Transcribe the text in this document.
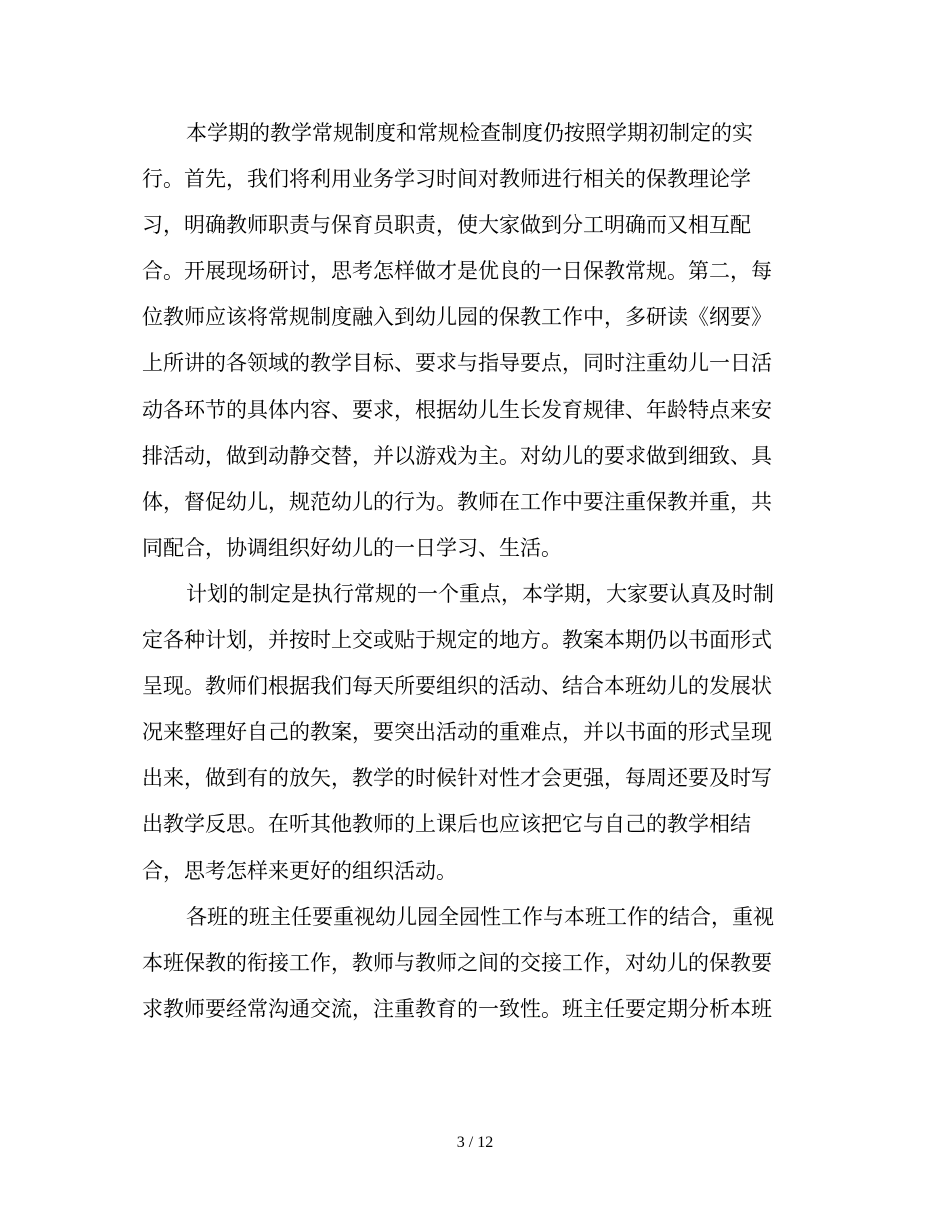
本学期的教学常规制度和常规检查制度仍按照学期初制定的实
行。首先，我们将利用业务学习时间对教师进行相关的保教理论学
习，明确教师职责与保育员职责，使大家做到分工明确而又相互配
合。开展现场研讨，思考怎样做才是优良的一日保教常规。第二，每
位教师应该将常规制度融入到幼儿园的保教工作中，多研读《纲要》
上所讲的各领域的教学目标、要求与指导要点，同时注重幼儿一日活
动各环节的具体内容、要求，根据幼儿生长发育规律、年龄特点来安
排活动，做到动静交替，并以游戏为主。对幼儿的要求做到细致、具
体，督促幼儿，规范幼儿的行为。教师在工作中要注重保教并重，共
同配合，协调组织好幼儿的一日学习、生活。
计划的制定是执行常规的一个重点，本学期，大家要认真及时制
定各种计划，并按时上交或贴于规定的地方。教案本期仍以书面形式
呈现。教师们根据我们每天所要组织的活动、结合本班幼儿的发展状
况来整理好自己的教案，要突出活动的重难点，并以书面的形式呈现
出来，做到有的放矢，教学的时候针对性才会更强，每周还要及时写
出教学反思。在听其他教师的上课后也应该把它与自己的教学相结
合，思考怎样来更好的组织活动。
各班的班主任要重视幼儿园全园性工作与本班工作的结合，重视
本班保教的衔接工作，教师与教师之间的交接工作，对幼儿的保教要
求教师要经常沟通交流，注重教育的一致性。班主任要定期分析本班
3 / 12
